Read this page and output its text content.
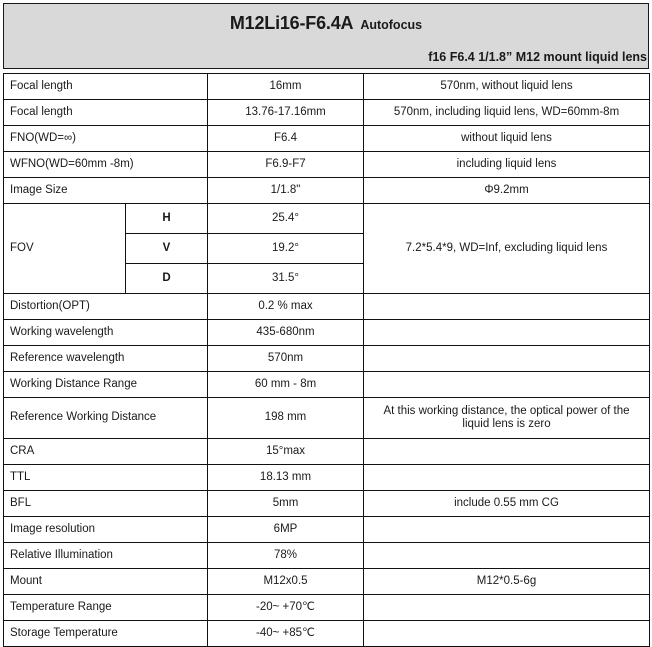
M12Li16-F6.4A Autofocus
f16 F6.4 1/1.8” M12 mount liquid lens
Focal length		16mm	570nm, without liquid lens
Focal length		13.76-17.16mm	570nm, including liquid lens, WD=60mm-8m
FNO(WD=∞)		F6.4	without liquid lens
WFNO(WD=60mm -8m)		F6.9-F7	including liquid lens
Image Size		1/1.8"	Φ9.2mm
FOV	H	25.4°	7.2*5.4*9, WD=Inf, excluding liquid lens
	V	19.2°	
	D	31.5°	
Distortion(OPT)		0.2 % max	
Working wavelength		435-680nm	
Reference wavelength		570nm	
Working Distance Range		60 mm - 8m	
Reference Working Distance		198 mm	At this working distance, the optical power of the liquid lens is zero
CRA		15°max	
TTL		18.13 mm	
BFL		5mm	include 0.55 mm CG
Image resolution		6MP	
Relative Illumination		78%	
Mount		M12x0.5	M12*0.5-6g
Temperature Range		-20~ +70℃	
Storage Temperature		-40~ +85℃	
